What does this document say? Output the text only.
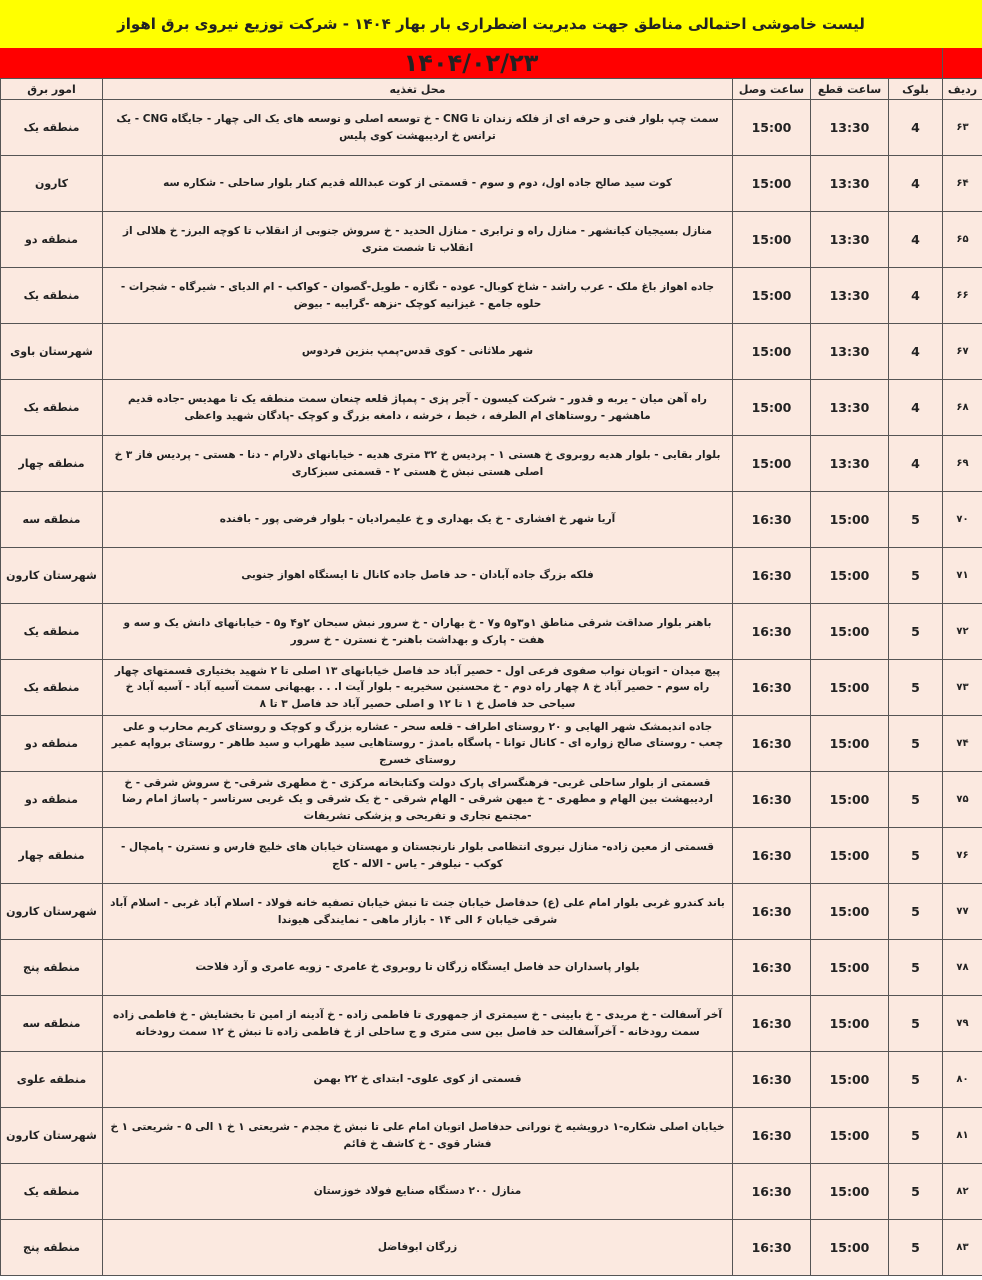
لیست خاموشی احتمالی مناطق جهت مدیریت اضطراری بار بهار ۱۴۰۴ - شرکت توزیع نیروی برق اهواز
۱۴۰۴/۰۲/۲۳
امور برق	محل تغذیه	ساعت وصل	ساعت قطع	بلوک	ردیف
منطقه یک	سمت چپ بلوار فنی و حرفه ای از فلکه زندان تا CNG - خ توسعه اصلی و توسعه های یک الی چهار - جایگاه CNG - یک ترانس خ اردیبهشت کوی پلیس	15:00	13:30	4	۶۳
کارون	کوت سید صالح جاده اول، دوم و سوم - قسمتی از کوت عبدالله قدیم کنار بلوار ساحلی - شکاره سه	15:00	13:30	4	۶۴
منطقه دو	منازل بسیجیان کیانشهر - منازل راه و ترابری - منازل الحدید - خ سروش جنوبی از انقلاب تا کوچه البرز- خ هلالی از انقلاب تا شصت متری	15:00	13:30	4	۶۵
منطقه یک	جاده اهواز باغ ملک - عرب راشد - شاخ کوبال- عوده - نگازه - طویل-گصوان - کواکب - ام الدیای - شیرگاه - شجرات - حلوه جامع - غیزانیه کوچک -نزهه -گرایبه - بیوض	15:00	13:30	4	۶۶
شهرستان باوی	شهر ملاثانی - کوی قدس-پمپ بنزین فردوس	15:00	13:30	4	۶۷
منطقه یک	راه آهن میان - یربه و قدور - شرکت کیسون - آجر پزی - پمپاژ قلعه چنعان سمت منطقه یک تا مهدیس -جاده قدیم ماهشهر - روستاهای ام الطرفه ، خیط ، خرشه ، دامغه بزرگ و کوچک -پادگان شهید واعظی	15:00	13:30	4	۶۸
منطقه چهار	بلوار بقایی - بلوار هدیه روبروی خ هستی ۱ - پردیس خ ۳۲ متری هدیه - خیابانهای دلارام - دنا - هستی - پردیس فاز ۳ خ اصلی هستی نبش خ هستی ۲ - قسمتی سبزکاری	15:00	13:30	4	۶۹
منطقه سه	آریا شهر خ افشاری - خ یک بهداری و خ علیمرادیان - بلوار فرضی پور - بافنده	16:30	15:00	5	۷۰
شهرستان کارون	فلکه بزرگ جاده آبادان - حد فاصل جاده کانال تا ایستگاه اهواز جنوبی	16:30	15:00	5	۷۱
منطقه یک	باهنر بلوار صداقت شرقی مناطق ۱و۳و۵ و۷ - خ بهاران - خ سرور نبش سبحان ۲و۴ و۵ - خیابانهای دانش یک و سه و هفت - پارک و بهداشت باهنر- خ نسترن - خ سرور	16:30	15:00	5	۷۲
منطقه یک	پیچ میدان - اتوبان نواب صفوی فرعی اول - حصیر آباد حد فاصل خیابانهای ۱۳ اصلی تا ۲ شهید بختیاری قسمتهای چهار راه سوم - حصیر آباد خ ۸ چهار راه دوم - خ محسنین سخیریه - بلوار آیت ا. . . بهبهانی سمت آسیه آباد - آسیه آباد خ سیاحی حد فاصل خ ۱ تا ۱۲ و اصلی حصیر آباد حد فاصل ۳ تا ۸	16:30	15:00	5	۷۳
منطقه دو	جاده اندیمشک شهر الهایی و ۲۰ روستای اطراف - قلعه سحر - عشاره بزرگ و کوچک و روستای کریم محارب و علی چعب - روستای صالح زواره ای - کانال توانا - پاسگاه بامدژ - روستاهایی سید ظهراب و سید طاهر - روستای برواپه عمیر روستای خسرج	16:30	15:00	5	۷۴
منطقه دو	قسمتی از بلوار ساحلی غربی- فرهنگسرای پارک دولت وکتابخانه مرکزی - خ مطهری شرقی- خ سروش شرقی - خ اردیبهشت بین الهام و مطهری - خ میهن شرقی - الهام شرقی - خ یک شرقی و یک غربی سرتاسر - پاساژ امام رضا -مجتمع تجاری و تفریحی و پزشکی تشریفات	16:30	15:00	5	۷۵
منطقه چهار	قسمتی از معین زاده- منازل نیروی انتظامی بلوار نارنجستان و مهستان خیابان های خلیج فارس و نسترن - پامچال - کوکب - نیلوفر - یاس - الاله - کاج	16:30	15:00	5	۷۶
شهرستان کارون	باند کندرو غربی بلوار امام علی (ع) حدفاصل خیابان جنت تا نبش خیابان تصفیه خانه فولاد - اسلام آباد غربی - اسلام آباد شرقی خیابان ۶ الی ۱۴ - بازار ماهی - نمایندگی هیوندا	16:30	15:00	5	۷۷
منطقه پنج	بلوار پاسداران حد فاصل ایستگاه زرگان تا روبروی خ عامری - زویه عامری و آرد فلاحت	16:30	15:00	5	۷۸
منطقه سه	آخر آسفالت - خ مریدی - خ بایینی - خ سیمتری از جمهوری تا فاطمی زاده - خ آدینه از امین تا بخشایش - خ فاطمی زاده سمت رودخانه - آخرآسفالت حد فاصل بین سی متری و ج ساحلی از خ فاطمی زاده تا نبش خ ۱۲ سمت رودخانه	16:30	15:00	5	۷۹
منطقه علوی	قسمتی از کوی علوی- ابتدای خ ۲۲ بهمن	16:30	15:00	5	۸۰
شهرستان کارون	خیابان اصلی شکاره-۱ درویشیه خ نورانی حدفاصل اتوبان امام علی تا نبش خ مجدم - شریعتی ۱ خ ۱ الی ۵ - شریعتی ۱ خ فشار قوی - خ کاشف خ قائم	16:30	15:00	5	۸۱
منطقه یک	منازل ۲۰۰ دستگاه صنایع فولاد خوزستان	16:30	15:00	5	۸۲
منطقه پنج	زرگان ابوفاضل	16:30	15:00	5	۸۳
